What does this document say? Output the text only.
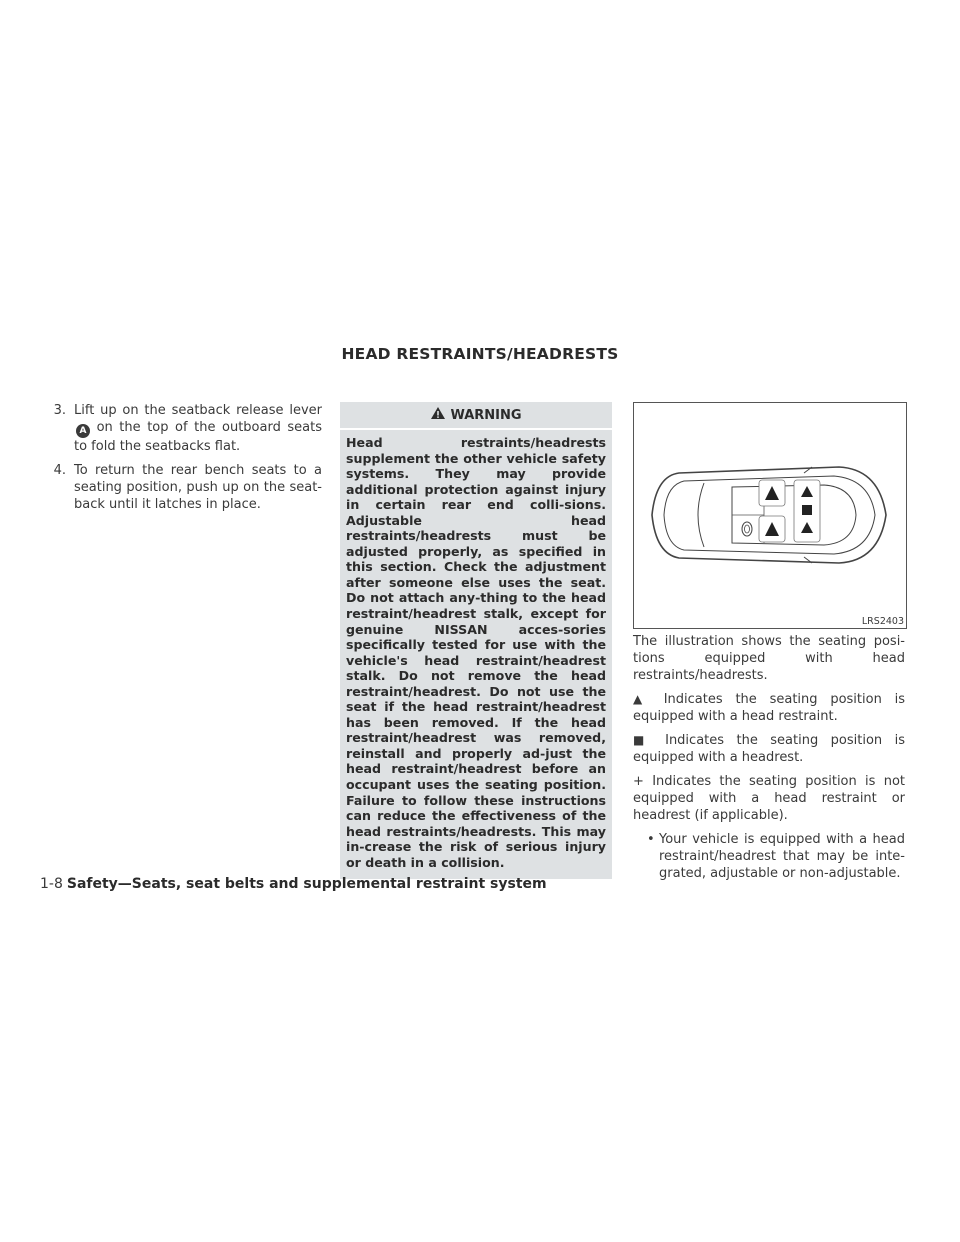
HEAD RESTRAINTS/HEADRESTS
3. Lift up on the seatback release lever A on the top of the outboard seats to fold the seatbacks flat.
4. To return the rear bench seats to a seating position, push up on the seat-back until it latches in place.
WARNING
Head restraints/headrests supplement the other vehicle safety systems. They may provide additional protection against injury in certain rear end colli-sions. Adjustable head restraints/headrests must be adjusted properly, as specified in this section. Check the adjustment after someone else uses the seat. Do not attach any-thing to the head restraint/headrest stalk, except for genuine NISSAN acces-sories specifically tested for use with the vehicle's head restraint/headrest stalk. Do not remove the head restraint/headrest. Do not use the seat if the head restraint/headrest has been removed. If the head restraint/headrest was removed, reinstall and properly ad-just the head restraint/headrest before an occupant uses the seating position. Failure to follow these instructions can reduce the effectiveness of the head restraints/headrests. This may in-crease the risk of serious injury or death in a collision.
LRS2403

The illustration shows the seating posi-tions equipped with head restraints/headrests.

▲ Indicates the seating position is equipped with a head restraint.

■ Indicates the seating position is equipped with a headrest.

+ Indicates the seating position is not equipped with a head restraint or headrest (if applicable).

• Your vehicle is equipped with a head restraint/headrest that may be inte-grated, adjustable or non-adjustable.
1-8 Safety—Seats, seat belts and supplemental restraint system
